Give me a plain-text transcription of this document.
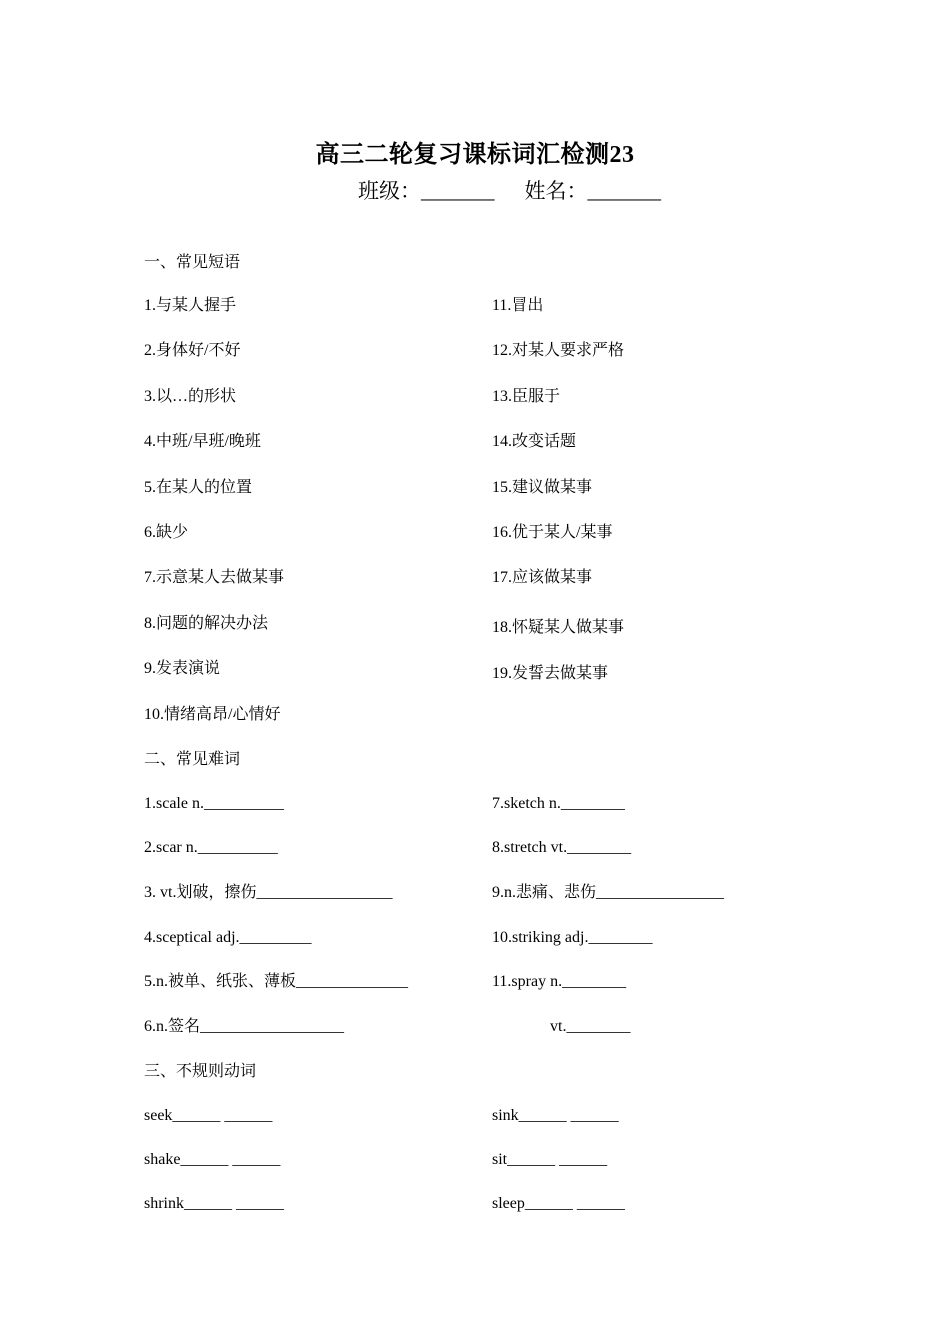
高三二轮复习课标词汇检测23
班级：_______ 姓名：_______
一、常见短语
1.与某人握手
2.身体好/不好
3.以…的形状
4.中班/早班/晚班
5.在某人的位置
6.缺少
7.示意某人去做某事
8.问题的解决办法
9.发表演说
10.情绪高昂/心情好
11.冒出
12.对某人要求严格
13.臣服于
14.改变话题
15.建议做某事
16.优于某人/某事
17.应该做某事
18.怀疑某人做某事
19.发誓去做某事
二、常见难词
1.scale n.__________
2.scar n.__________
3. vt.划破，擦伤_________________
4.sceptical adj._________
5.n.被单、纸张、薄板______________
6.n.签名__________________
7.sketch n.________
8.stretch vt.________
9.n.悲痛、悲伤________________
10.striking adj.________
11.spray n.________
vt.________
三、不规则动词
seek______ ______
shake______ ______
shrink______ ______
sink______ ______
sit______ ______
sleep______ ______
